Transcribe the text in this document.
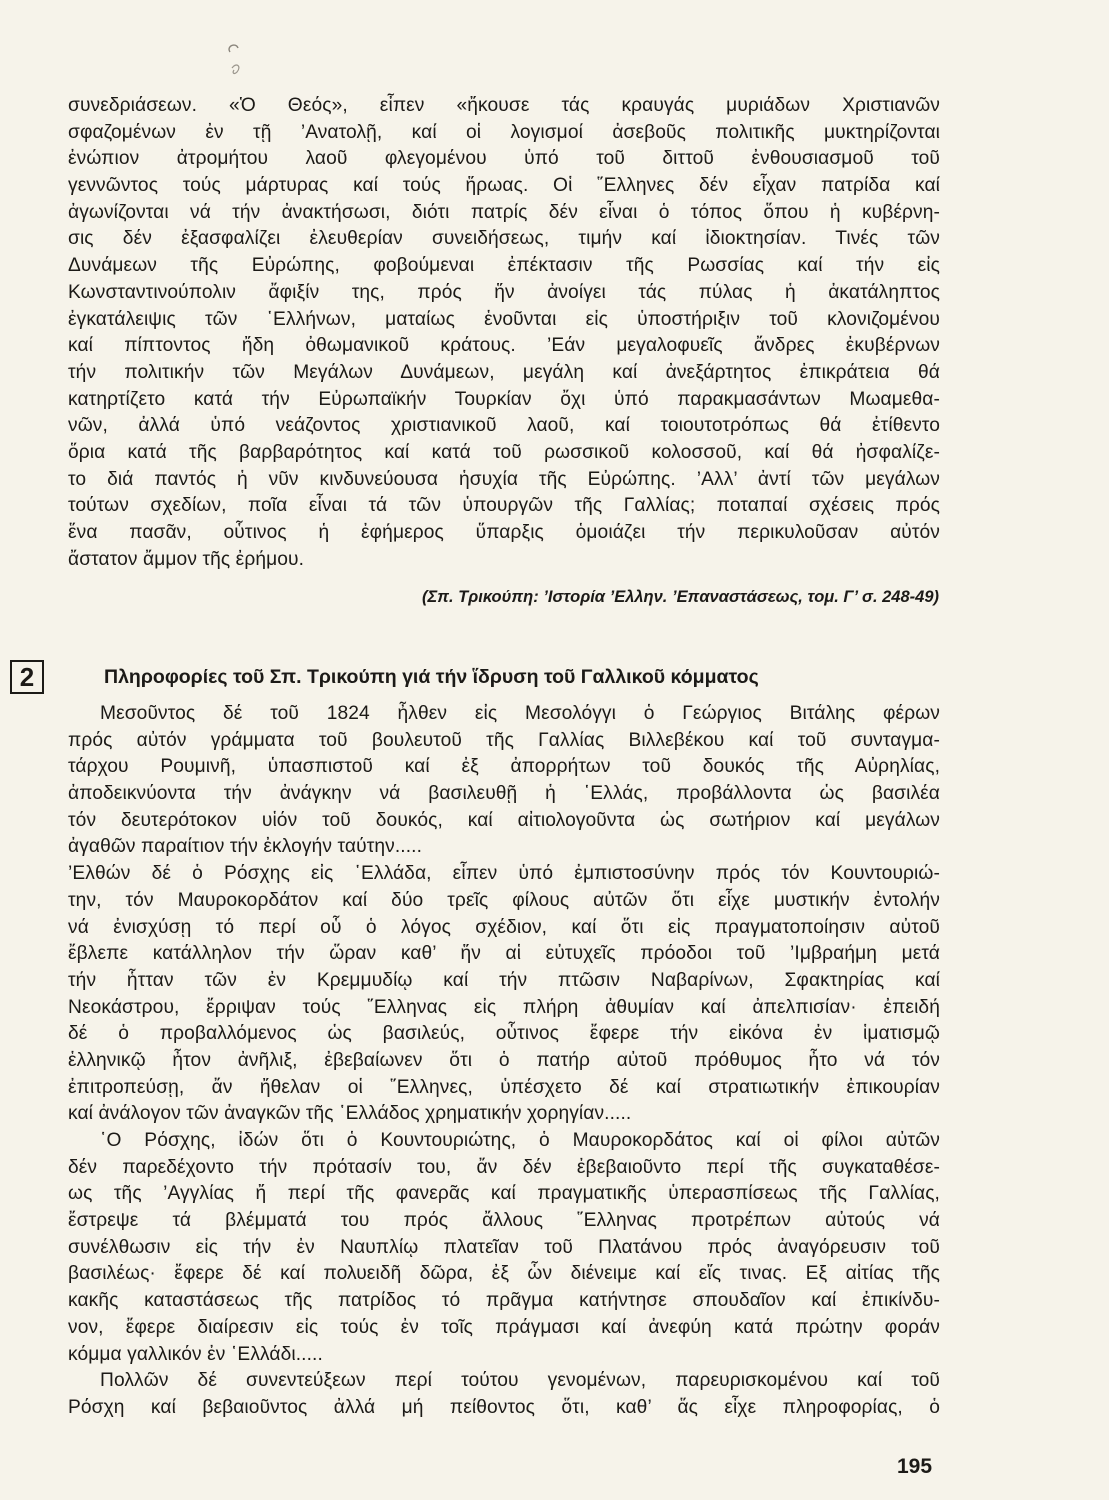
συνεδριάσεων. «Ὁ Θεός», εἶπεν «ἤκουσε τάς κραυγάς μυριάδων Χριστιανῶν
σφαζομένων ἐν τῇ ’Ανατολῇ, καί οἱ λογισμοί ἀσεβοῦς πολιτικῆς μυκτηρίζονται
ἐνώπιον ἀτρομήτου λαοῦ φλεγομένου ὑπό τοῦ διττοῦ ἐνθουσιασμοῦ τοῦ
γεννῶντος τούς μάρτυρας καί τούς ἥρωας. Οἱ ῞Ελληνες δέν εἶχαν πατρίδα καί
ἀγωνίζονται νά τήν ἀνακτήσωσι, διότι πατρίς δέν εἶναι ὁ τόπος ὅπου ἡ κυβέρνη-
σις δέν ἐξασφαλίζει ἐλευθερίαν συνειδήσεως, τιμήν καί ἰδιοκτησίαν. Τινές τῶν
Δυνάμεων τῆς Εὐρώπης, φοβούμεναι ἐπέκτασιν τῆς Ρωσσίας καί τήν εἰς
Κωνσταντινούπολιν ἄφιξίν της, πρός ἥν ἀνοίγει τάς πύλας ἡ ἀκατάληπτος
ἐγκατάλειψις τῶν ῾Ελλήνων, ματαίως ἑνοῦνται εἰς ὑποστήριξιν τοῦ κλονιζομένου
καί πίπτοντος ἤδη ὀθωμανικοῦ κράτους. ’Εάν μεγαλοφυεῖς ἄνδρες ἐκυβέρνων
τήν πολιτικήν τῶν Μεγάλων Δυνάμεων, μεγάλη καί ἀνεξάρτητος ἐπικράτεια θά
κατηρτίζετο κατά τήν Εὐρωπαϊκήν Τουρκίαν ὄχι ὑπό παρακμασάντων Μωαμεθα-
νῶν, ἀλλά ὑπό νεάζοντος χριστιανικοῦ λαοῦ, καί τοιουτοτρόπως θά ἐτίθεντο
ὅρια κατά τῆς βαρβαρότητος καί κατά τοῦ ρωσσικοῦ κολοσσοῦ, καί θά ἠσφαλίζε-
το διά παντός ἡ νῦν κινδυνεύουσα ἡσυχία τῆς Εὐρώπης. ’Αλλ’ ἀντί τῶν μεγάλων
τούτων σχεδίων, ποῖα εἶναι τά τῶν ὑπουργῶν τῆς Γαλλίας; ποταπαί σχέσεις πρός
ἕνα πασᾶν, οὗτινος ἡ ἐφήμερος ὕπαρξις ὁμοιάζει τήν περικυλοῦσαν αὐτόν
ἄστατον ἄμμον τῆς ἐρήμου.
(Σπ. Τρικούπη: ’Ιστορία ’Ελλην. ’Επαναστάσεως, τομ. Γ’ σ. 248-49)
2	Πληροφορίες τοῦ Σπ. Τρικούπη γιά τήν ἵδρυση τοῦ Γαλλικοῦ κόμματος
Μεσοῦντος δέ τοῦ 1824 ἦλθεν εἰς Μεσολόγγι ὁ Γεώργιος Βιτάλης φέρων
πρός αὐτόν γράμματα τοῦ βουλευτοῦ τῆς Γαλλίας Βιλλεβέκου καί τοῦ συνταγμα-
τάρχου Ρουμινῆ, ὑπασπιστοῦ καί ἐξ ἀπορρήτων τοῦ δουκός τῆς Αὐρηλίας,
ἀποδεικνύοντα τήν ἀνάγκην νά βασιλευθῇ ἡ ῾Ελλάς, προβάλλοντα ὡς βασιλέα
τόν δευτερότοκον υἱόν τοῦ δουκός, καί αἰτιολογοῦντα ὡς σωτήριον καί μεγάλων
ἀγαθῶν παραίτιον τήν ἐκλογήν ταύτην.....
’Ελθών δέ ὁ Ρόσχης εἰς ῾Ελλάδα, εἶπεν ὑπό ἐμπιστοσύνην πρός τόν Κουντουριώ-
την, τόν Μαυροκορδάτον καί δύο τρεῖς φίλους αὐτῶν ὅτι εἶχε μυστικήν ἐντολήν
νά ἐνισχύσῃ τό περί οὗ ὁ λόγος σχέδιον, καί ὅτι εἰς πραγματοποίησιν αὐτοῦ
ἔβλεπε κατάλληλον τήν ὥραν καθ’ ἥν αἱ εὐτυχεῖς πρόοδοι τοῦ ’Ιμβραήμη μετά
τήν ἧτταν τῶν ἐν Κρεμμυδίῳ καί τήν πτῶσιν Ναβαρίνων, Σφακτηρίας καί
Νεοκάστρου, ἔρριψαν τούς ῞Ελληνας εἰς πλήρη ἀθυμίαν καί ἀπελπισίαν· ἐπειδή
δέ ὁ προβαλλόμενος ὡς βασιλεύς, οὗτινος ἔφερε τήν εἰκόνα ἐν ἱματισμῷ
ἑλληνικῷ ἦτον ἀνῆλιξ, ἐβεβαίωνεν ὅτι ὁ πατήρ αὐτοῦ πρόθυμος ἦτο νά τόν
ἐπιτροπεύσῃ, ἄν ἤθελαν οἱ ῞Ελληνες, ὑπέσχετο δέ καί στρατιωτικήν ἐπικουρίαν
καί ἀνάλογον τῶν ἀναγκῶν τῆς ῾Ελλάδος χρηματικήν χορηγίαν.....
῾Ο Ρόσχης, ἰδών ὅτι ὁ Κουντουριώτης, ὁ Μαυροκορδάτος καί οἱ φίλοι αὐτῶν
δέν παρεδέχοντο τήν πρότασίν του, ἄν δέν ἐβεβαιοῦντο περί τῆς συγκαταθέσε-
ως τῆς ’Αγγλίας ἤ περί τῆς φανερᾶς καί πραγματικῆς ὑπερασπίσεως τῆς Γαλλίας,
ἔστρεψε τά βλέμματά του πρός ἄλλους ῞Ελληνας προτρέπων αὐτούς νά
συνέλθωσιν εἰς τήν ἐν Ναυπλίῳ πλατεῖαν τοῦ Πλατάνου πρός ἀναγόρευσιν τοῦ
βασιλέως· ἔφερε δέ καί πολυειδῆ δῶρα, ἐξ ὧν διένειμε καί εἴς τινας. Εξ αἰτίας τῆς
κακῆς καταστάσεως τῆς πατρίδος τό πρᾶγμα κατήντησε σπουδαῖον καί ἐπικίνδυ-
νον, ἔφερε διαίρεσιν εἰς τούς ἐν τοῖς πράγμασι καί ἀνεφύη κατά πρώτην φοράν
κόμμα γαλλικόν ἐν ῾Ελλάδι.....
Πολλῶν δέ συνεντεύξεων περί τούτου γενομένων, παρευρισκομένου καί τοῦ
Ρόσχη καί βεβαιοῦντος ἀλλά μή πείθοντος ὅτι, καθ’ ἅς εἶχε πληροφορίας, ὁ
195
